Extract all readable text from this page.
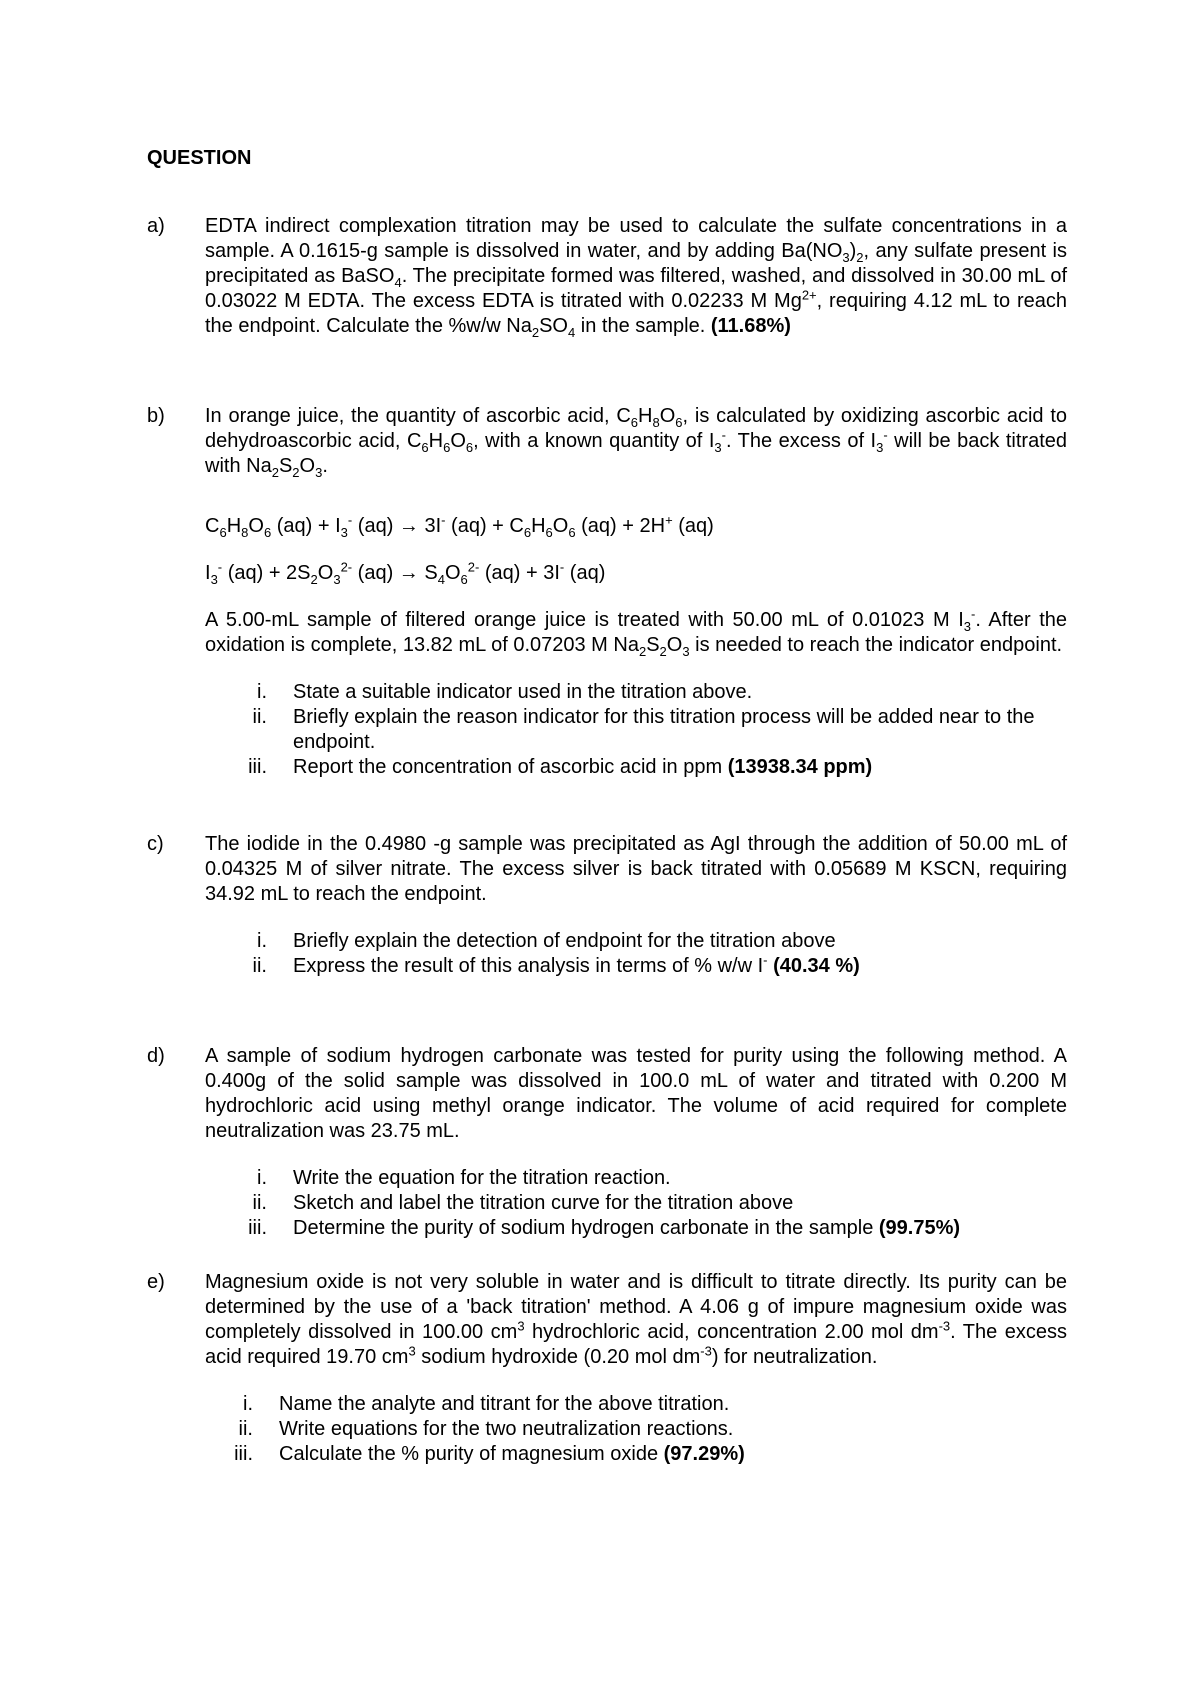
QUESTION
a)	EDTA indirect complexation titration may be used to calculate the sulfate concentrations in a sample. A 0.1615-g sample is dissolved in water, and by adding $Ba(NO_3)_2$, any sulfate present is precipitated as BaSO$_4$. The precipitate formed was filtered, washed, and dissolved in 30.00 mL of 0.03022 M EDTA. The excess EDTA is titrated with 0.02233 M $Mg^{2+}$, requiring 4.12 mL to reach the endpoint. Calculate the %w/w $Na_2SO_4$ in the sample. (11.68%)
b)	In orange juice, the quantity of ascorbic acid, $C_6H_8O_6$, is calculated by oxidizing ascorbic acid to dehydroascorbic acid, $C_6H_6O_6$, with a known quantity of $I_3^-$. The excess of $I_3^-$ will be back titrated with $Na_2S_2O_3$.

$C_6H_8O_6$ $(aq) + I_3^-$ (aq) → 3I- $(aq) + C_6H_6O_6$ (aq) + 2H+ (aq)

$I_3^-$ $(aq) + 2S_2O_3^{2-}$ $(aq) \to S_4O_6^{2-}$ (aq) + 3I- (aq)

A 5.00-mL sample of filtered orange juice is treated with 50.00 mL of 0.01023 M $I_3^-$. After the oxidation is complete, 13.82 mL of 0.07203 M $Na_2S_2O_3$ is needed to reach the indicator endpoint.

i. State a suitable indicator used in the titration above.
ii. Briefly explain the reason indicator for this titration process will be added near to the endpoint.
iii. Report the concentration of ascorbic acid in ppm (13938.34 ppm)
c)	The iodide in the 0.4980 -g sample was precipitated as AgI through the addition of 50.00 mL of 0.04325 M of silver nitrate. The excess silver is back titrated with 0.05689 M KSCN, requiring 34.92 mL to reach the endpoint.

i. Briefly explain the detection of endpoint for the titration above
ii. Express the result of this analysis in terms of % w/w I- (40.34 %)
d)	A sample of sodium hydrogen carbonate was tested for purity using the following method. A 0.400g of the solid sample was dissolved in 100.0 mL of water and titrated with 0.200 M hydrochloric acid using methyl orange indicator. The volume of acid required for complete neutralization was 23.75 mL.

i. Write the equation for the titration reaction.
ii. Sketch and label the titration curve for the titration above
iii. Determine the purity of sodium hydrogen carbonate in the sample (99.75%)
e)	Magnesium oxide is not very soluble in water and is difficult to titrate directly. Its purity can be determined by the use of a 'back titration' method. A 4.06 g of impure magnesium oxide was completely dissolved in 100.00 $cm^3$ hydrochloric acid, concentration 2.00 mol $dm^{-3}$. The excess acid required 19.70 $cm^3$ sodium hydroxide (0.20 mol $dm^{-3}$) for neutralization.

i. Name the analyte and titrant for the above titration.
ii. Write equations for the two neutralization reactions.
iii. Calculate the % purity of magnesium oxide (97.29%)
